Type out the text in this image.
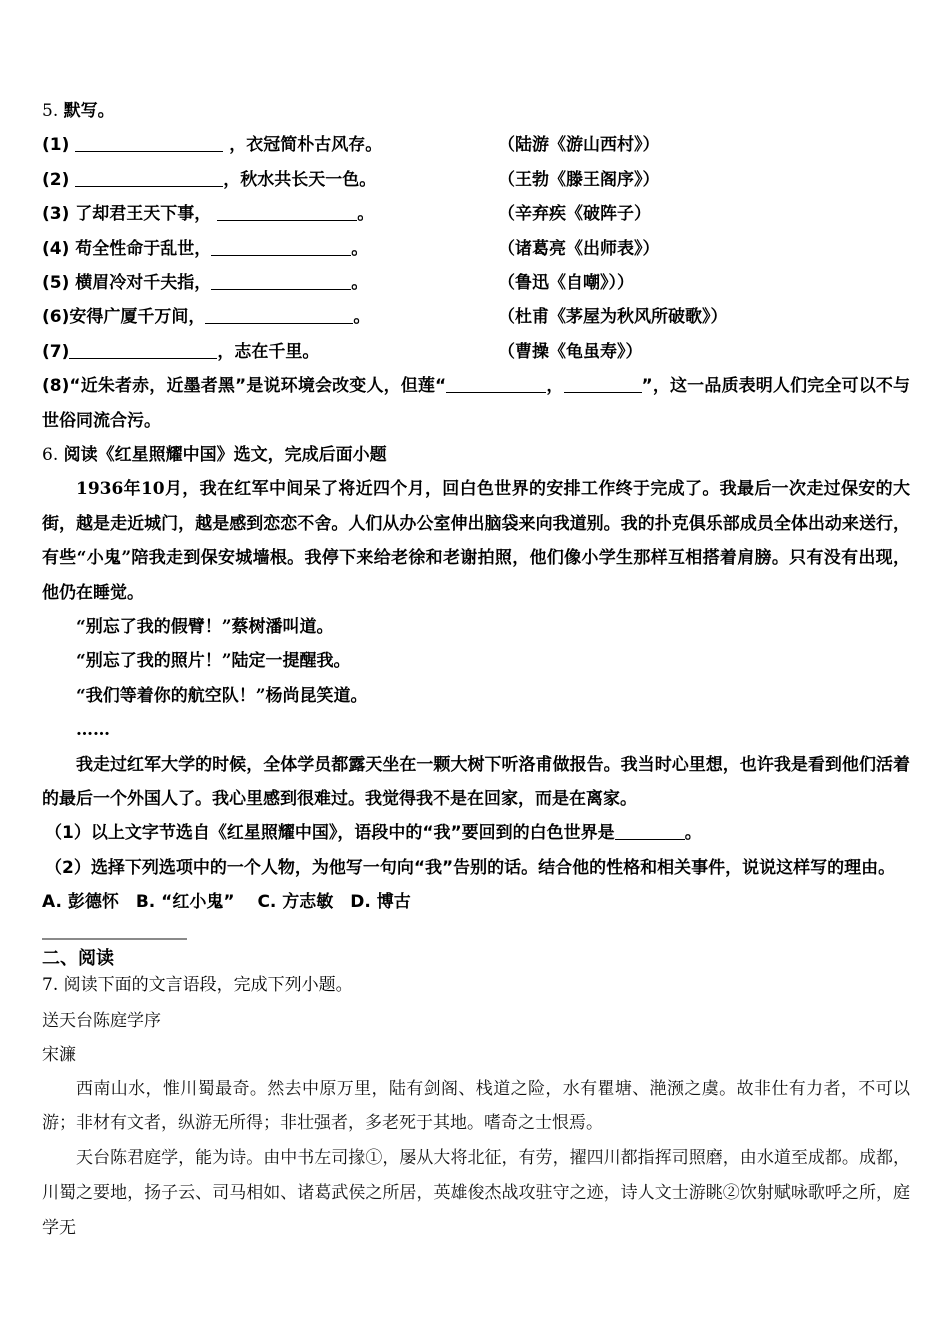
5. 默写。
(1)	，衣冠简朴古风存。	（陆游《游山西村》）
(2)	，秋水共长天一色。	（王勃《滕王阁序》）
(3) 了却君王天下事，	。	（辛弃疾《破阵子）
(4) 苟全性命于乱世，	。	（诸葛亮《出师表》）
(5) 横眉冷对千夫指，	。	（鲁迅《自嘲》））
(6)安得广厦千万间，	。	（杜甫《茅屋为秋风所破歌》）
(7)	，志在千里。	（曹操《龟虽寿》）
(8)“近朱者赤，近墨者黑”是说环境会改变人，但莲“	，	”，这一品质表明人们完全可以不与世俗同流合污。
6. 阅读《红星照耀中国》选文，完成后面小题

1936年10月，我在红军中间呆了将近四个月，回白色世界的安排工作终于完成了。我最后一次走过保安的大街，越是走近城门，越是感到恋恋不舍。人们从办公室伸出脑袋来向我道别。我的扑克俱乐部成员全体出动来送行，有些“小鬼”陪我走到保安城墙根。我停下来给老徐和老谢拍照，他们像小学生那样互相搭着肩膀。只有没有出现，他仍在睡觉。

“别忘了我的假臂！”蔡树潘叫道。

“别忘了我的照片！”陆定一提醒我。

“我们等着你的航空队！”杨尚昆笑道。

……

我走过红军大学的时候，全体学员都露天坐在一颗大树下听洛甫做报告。我当时心里想，也许我是看到他们活着的最后一个外国人了。我心里感到很难过。我觉得我不是在回家，而是在离家。

（1）以上文字节选自《红星照耀中国》，语段中的“我”要回到的白色世界是	。

（2）选择下列选项中的一个人物，为他写一句向“我”告别的话。结合他的性格和相关事件，说说这样写的理由。

A. 彭德怀　B. “红小鬼”　 C. 方志敏　D. 博古

二、阅读

7. 阅读下面的文言语段，完成下列小题。

送天台陈庭学序

宋濂

西南山水，惟川蜀最奇。然去中原万里，陆有剑阁、栈道之险，水有瞿塘、滟滪之虞。故非仕有力者，不可以游；非材有文者，纵游无所得；非壮强者，多老死于其地。嗜奇之士恨焉。

天台陈君庭学，能为诗。由中书左司掾①，屡从大将北征，有劳，擢四川都指挥司照磨，由水道至成都。成都，川蜀之要地，扬子云、司马相如、诸葛武侯之所居，英雄俊杰战攻驻守之迹，诗人文士游眺②饮射赋咏歌呼之所，庭学无
